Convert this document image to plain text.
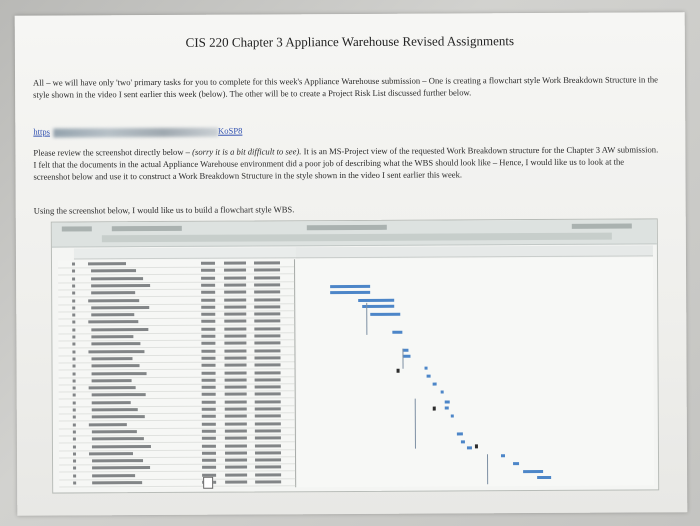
CIS 220 Chapter 3 Appliance Warehouse Revised Assignments
All – we will have only 'two' primary tasks for you to complete for this week's Appliance Warehouse submission – One is creating a flowchart style Work Breakdown Structure in the style shown in the video I sent earlier this week (below). The other will be to create a Project Risk List discussed further below.
https	KoSP8
Please review the screenshot directly below – (sorry it is a bit difficult to see). It is an MS-Project view of the requested Work Breakdown structure for the Chapter 3 AW submission. I felt that the documents in the actual Appliance Warehouse environment did a poor job of describing what the WBS should look like – Hence, I would like us to look at the screenshot below and use it to construct a Work Breakdown Structure in the style shown in the video I sent earlier this week.
Using the screenshot below, I would like us to build a flowchart style WBS.
